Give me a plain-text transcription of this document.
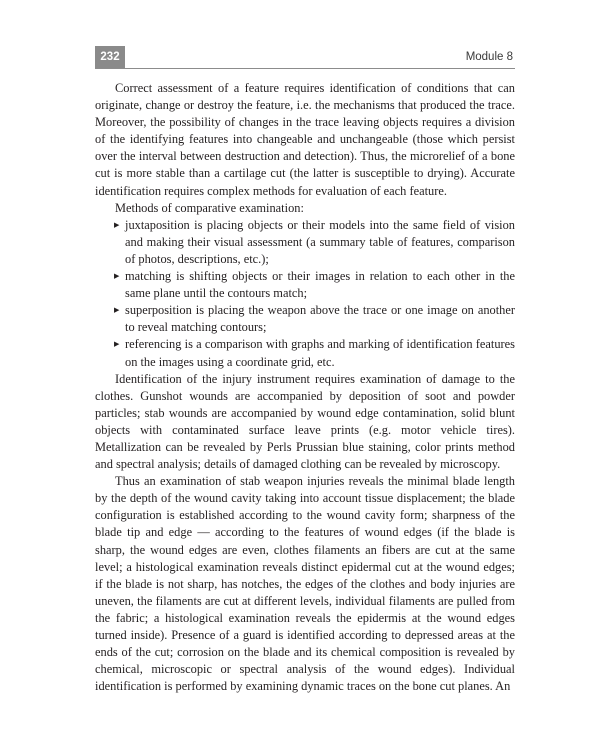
232	Module 8

Correct assessment of a feature requires identification of conditions that can originate, change or destroy the feature, i.e. the mechanisms that produced the trace. Moreover, the possibility of changes in the trace leaving objects requires a division of the identifying features into changeable and unchangeable (those which persist over the interval between destruction and detection). Thus, the microrelief of a bone cut is more stable than a cartilage cut (the latter is susceptible to drying). Accurate identification requires complex methods for evaluation of each feature.

Methods of comparative examination:

▶ juxtaposition is placing objects or their models into the same field of vision and making their visual assessment (a summary table of features, comparison of photos, descriptions, etc.);
▶ matching is shifting objects or their images in relation to each other in the same plane until the contours match;
▶ superposition is placing the weapon above the trace or one image on another to reveal matching contours;
▶ referencing is a comparison with graphs and marking of identification features on the images using a coordinate grid, etc.

Identification of the injury instrument requires examination of damage to the clothes. Gunshot wounds are accompanied by deposition of soot and powder particles; stab wounds are accompanied by wound edge contamination, solid blunt objects with contaminated surface leave prints (e.g. motor vehicle tires). Metallization can be revealed by Perls Prussian blue staining, color prints method and spectral analysis; details of damaged clothing can be revealed by microscopy.

Thus an examination of stab weapon injuries reveals the minimal blade length by the depth of the wound cavity taking into account tissue displacement; the blade configuration is established according to the wound cavity form; sharpness of the blade tip and edge — according to the features of wound edges (if the blade is sharp, the wound edges are even, clothes filaments an fibers are cut at the same level; a histological examination reveals distinct epidermal cut at the wound edges; if the blade is not sharp, has notches, the edges of the clothes and body injuries are uneven, the filaments are cut at different levels, individual filaments are pulled from the fabric; a histological examination reveals the epidermis at the wound edges turned inside). Presence of a guard is identified according to depressed areas at the ends of the cut; corrosion on the blade and its chemical composition is revealed by chemical, microscopic or spectral analysis of the wound edges). Individual identification is performed by examining dynamic traces on the bone cut planes. An
